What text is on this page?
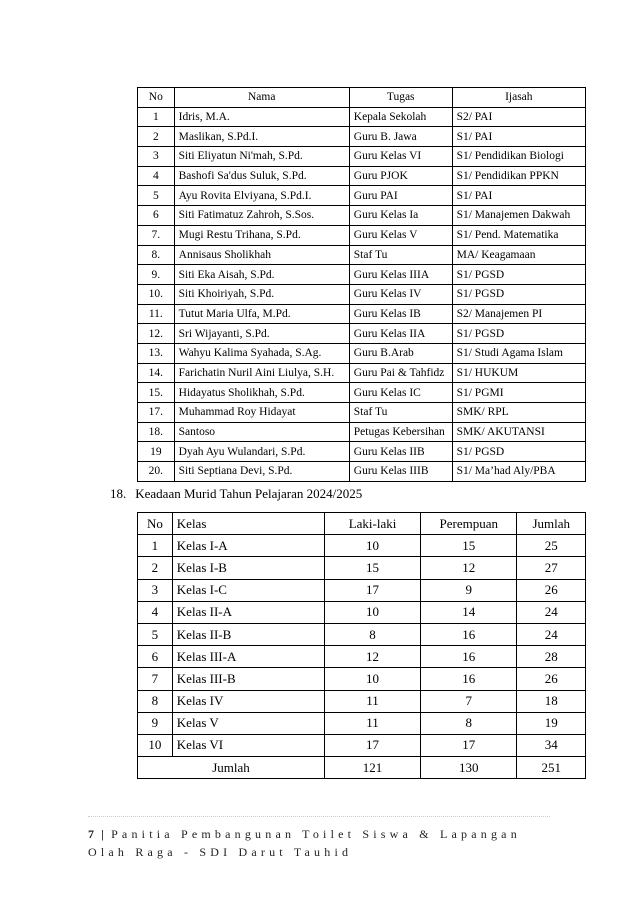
No	Nama	Tugas	Ijasah
1	Idris, M.A.	Kepala Sekolah	S2/ PAI
2	Maslikan, S.Pd.I.	Guru B. Jawa	S1/ PAI
3	Siti Eliyatun Ni'mah, S.Pd.	Guru Kelas VI	S1/ Pendidikan Biologi
4	Bashofi Sa'dus Suluk, S.Pd.	Guru PJOK	S1/ Pendidikan PPKN
5	Ayu Rovita Elviyana, S.Pd.I.	Guru PAI	S1/ PAI
6	Siti Fatimatuz Zahroh, S.Sos.	Guru Kelas Ia	S1/ Manajemen Dakwah
7.	Mugi Restu Trihana, S.Pd.	Guru Kelas V	S1/ Pend. Matematika
8.	Annisaus Sholikhah	Staf Tu	MA/ Keagamaan
9.	Siti Eka Aisah, S.Pd.	Guru Kelas IIIA	S1/ PGSD
10.	Siti Khoiriyah, S.Pd.	Guru Kelas IV	S1/ PGSD
11.	Tutut Maria Ulfa, M.Pd.	Guru Kelas IB	S2/ Manajemen PI
12.	Sri Wijayanti, S.Pd.	Guru Kelas IIA	S1/ PGSD
13.	Wahyu Kalima Syahada, S.Ag.	Guru B.Arab	S1/ Studi Agama Islam
14.	Farichatin Nuril Aini Liulya, S.H.	Guru Pai & Tahfidz	S1/ HUKUM
15.	Hidayatus Sholikhah, S.Pd.	Guru Kelas IC	S1/ PGMI
17.	Muhammad Roy Hidayat	Staf Tu	SMK/ RPL
18.	Santoso	Petugas Kebersihan	SMK/ AKUTANSI
19	Dyah Ayu Wulandari, S.Pd.	Guru Kelas IIB	S1/ PGSD
20.	Siti Septiana Devi, S.Pd.	Guru Kelas IIIB	S1/ Ma’had Aly/PBA
18. Keadaan Murid Tahun Pelajaran 2024/2025
No	Kelas	Laki-laki	Perempuan	Jumlah
1	Kelas I-A	10	15	25
2	Kelas I-B	15	12	27
3	Kelas I-C	17	9	26
4	Kelas II-A	10	14	24
5	Kelas II-B	8	16	24
6	Kelas III-A	12	16	28
7	Kelas III-B	10	16	26
8	Kelas IV	11	7	18
9	Kelas V	11	8	19
10	Kelas VI	17	17	34
Jumlah		121	130	251
7 | Panitia Pembangunan Toilet Siswa & Lapangan Olah Raga - SDI Darut Tauhid
